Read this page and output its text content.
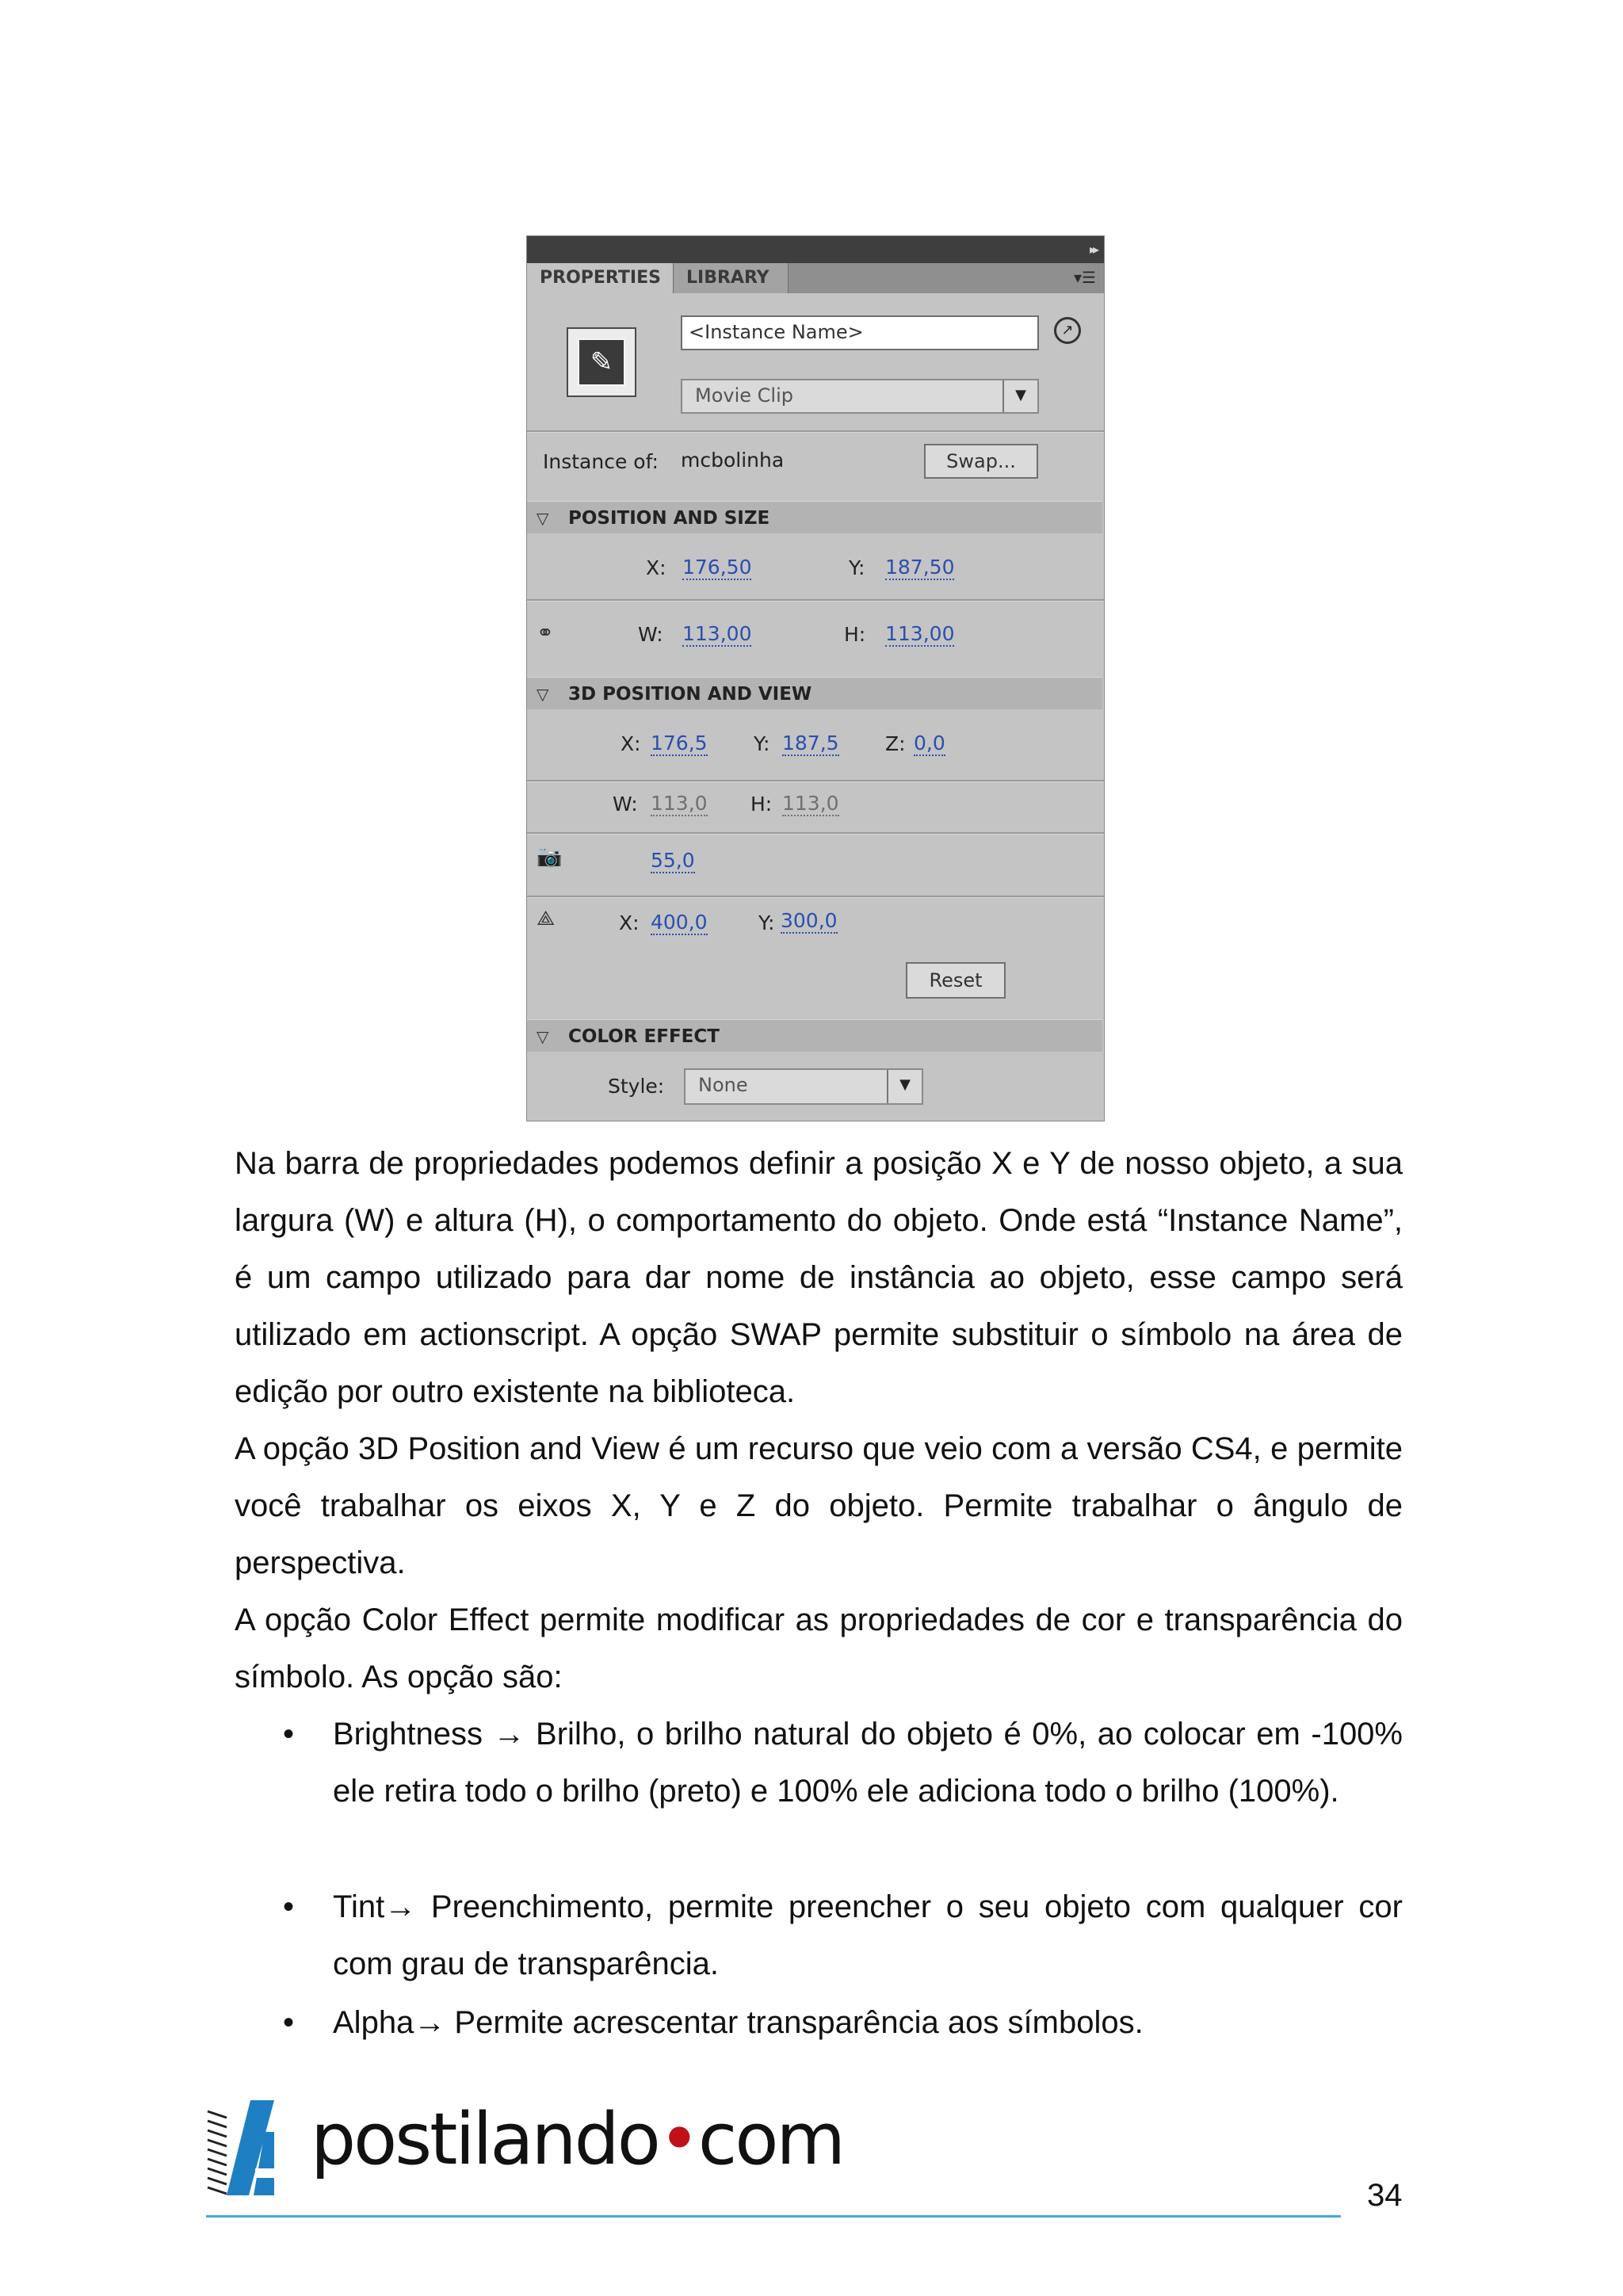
▸▸
PROPERTIES	LIBRARY	▾☰
✎
<Instance Name>	↗
Movie Clip	▼
Instance of: mcbolinha	Swap...
▽ POSITION AND SIZE
X: 176,50	Y: 187,50
⚭	W: 113,00	H: 113,00
▽ 3D POSITION AND VIEW
X: 176,5 Y: 187,5 Z: 0,0
W: 113,0 H: 113,0
📷	55,0
⟁	X: 400,0	Y: 300,0
Reset
▽ COLOR EFFECT
Style:	None	▼

Na barra de propriedades podemos definir a posição X e Y de nosso objeto, a sua largura (W) e altura (H), o comportamento do objeto. Onde está “Instance Name”, é um campo utilizado para dar nome de instância ao objeto, esse campo será utilizado em actionscript. A opção SWAP permite substituir o símbolo na área de edição por outro existente na biblioteca.

A opção 3D Position and View é um recurso que veio com a versão CS4, e permite você trabalhar os eixos X, Y e Z do objeto. Permite trabalhar o ângulo de perspectiva.

A opção Color Effect permite modificar as propriedades de cor e transparência do símbolo. As opção são:

• Brightness → Brilho, o brilho natural do objeto é 0%, ao colocar em -100% ele retira todo o brilho (preto) e 100% ele adiciona todo o brilho (100%).

• Tint→ Preenchimento, permite preencher o seu objeto com qualquer cor com grau de transparência.

• Alpha→ Permite acrescentar transparência aos símbolos.

postilando•com
34
